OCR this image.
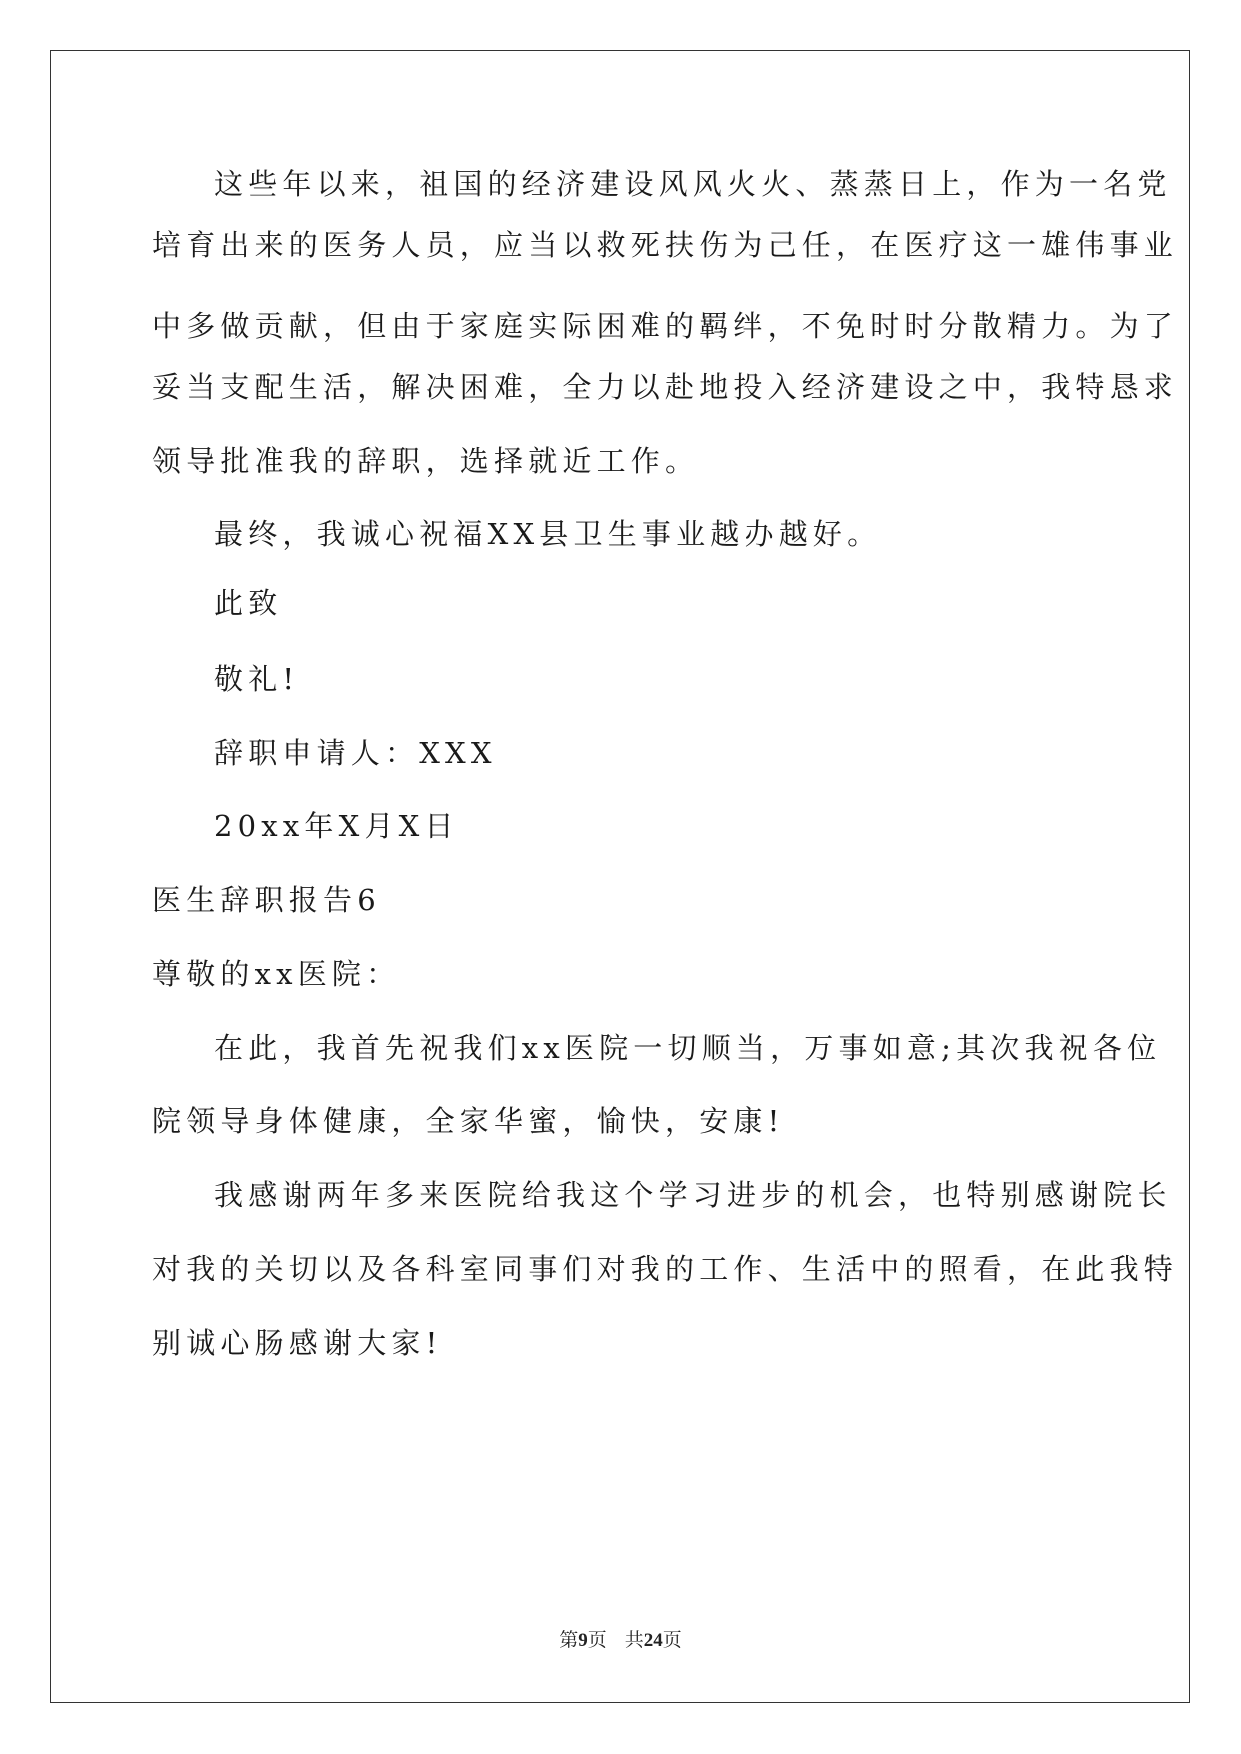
这些年以来，祖国的经济建设风风火火、蒸蒸日上，作为一名党
培育出来的医务人员，应当以救死扶伤为己任，在医疗这一雄伟事业
中多做贡献，但由于家庭实际困难的羁绊，不免时时分散精力。为了
妥当支配生活，解决困难，全力以赴地投入经济建设之中，我特恳求
领导批准我的辞职，选择就近工作。
最终，我诚心祝福XX县卫生事业越办越好。
此致
敬礼!
辞职申请人：XXX
20xx年X月X日
医生辞职报告6
尊敬的xx医院：
在此，我首先祝我们xx医院一切顺当，万事如意;其次我祝各位
院领导身体健康，全家华蜜，愉快，安康!
我感谢两年多来医院给我这个学习进步的机会，也特别感谢院长
对我的关切以及各科室同事们对我的工作、生活中的照看，在此我特
别诚心肠感谢大家!
第9页 共24页
